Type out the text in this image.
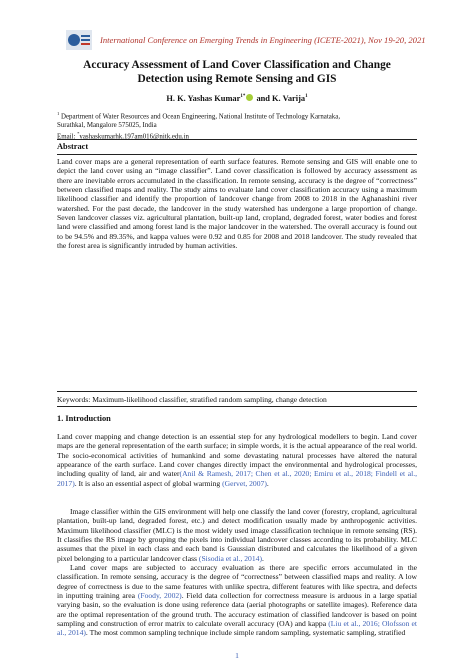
International Conference on Emerging Trends in Engineering (ICETE-2021), Nov 19-20, 2021
Accuracy Assessment of Land Cover Classification and Change
Detection using Remote Sensing and GIS
H. K. Yashas Kumar$^{1*}$ and K. Varija$^1$
$^1$ Department of Water Resources and Ocean Engineering, National Institute of Technology Karnataka,
Surathkal, Mangalore 575025, India
Email: *yashaskumarhk.197am016@nitk.edu.in
Abstract

Land cover maps are a general representation of earth surface features. Remote sensing and GIS will enable one to depict the land cover using an “image classifier”. Land cover classification is followed by accuracy assessment as there are inevitable errors accumulated in the classification. In remote sensing, accuracy is the degree of “correctness” between classified maps and reality. The study aims to evaluate land cover classification accuracy using a maximum likelihood classifier and identify the proportion of landcover change from 2008 to 2018 in the Aghanashini river watershed. For the past decade, the landcover in the study watershed has undergone a large proportion of change. Seven landcover classes viz. agricultural plantation, built-up land, cropland, degraded forest, water bodies and forest land were classified and among forest land is the major landcover in the watershed. The overall accuracy is found out to be 94.5% and 89.35%, and kappa values were 0.92 and 0.85 for 2008 and 2018 landcover. The study revealed that the forest area is significantly intruded by human activities.

Keywords: Maximum-likelihood classifier, stratified random sampling, change detection
1. Introduction

Land cover mapping and change detection is an essential step for any hydrological modellers to begin. Land cover maps are the general representation of the earth surface; in simple words, it is the actual appearance of the real world. The socio-economical activities of humankind and some devastating natural processes have altered the natural appearance of the earth surface. Land cover changes directly impact the environmental and hydrological processes, including quality of land, air and water(Anil & Ramesh, 2017; Chen et al., 2020; Emiru et al., 2018; Findell et al., 2017). It is also an essential aspect of global warming (Gervet, 2007).

Image classifier within the GIS environment will help one classify the land cover (forestry, cropland, agricultural plantation, built-up land, degraded forest, etc.) and detect modification usually made by anthropogenic activities. Maximum likelihood classifier (MLC) is the most widely used image classification technique in remote sensing (RS). It classifies the RS image by grouping the pixels into individual landcover classes according to its probability. MLC assumes that the pixel in each class and each band is Gaussian distributed and calculates the likelihood of a given pixel belonging to a particular landcover class (Sisodia et al., 2014).

Land cover maps are subjected to accuracy evaluation as there are specific errors accumulated in the classification. In remote sensing, accuracy is the degree of “correctness” between classified maps and reality. A low degree of correctness is due to the same features with unlike spectra, different features with like spectra, and defects in inputting training area (Foody, 2002). Field data collection for correctness measure is arduous in a large spatial varying basin, so the evaluation is done using reference data (aerial photographs or satellite images). Reference data are the optimal representation of the ground truth. The accuracy estimation of classified landcover is based on point sampling and construction of error matrix to calculate overall accuracy (OA) and kappa (Liu et al., 2016; Olofsson et al., 2014). The most common sampling technique include simple random sampling, systematic sampling, stratified

1
